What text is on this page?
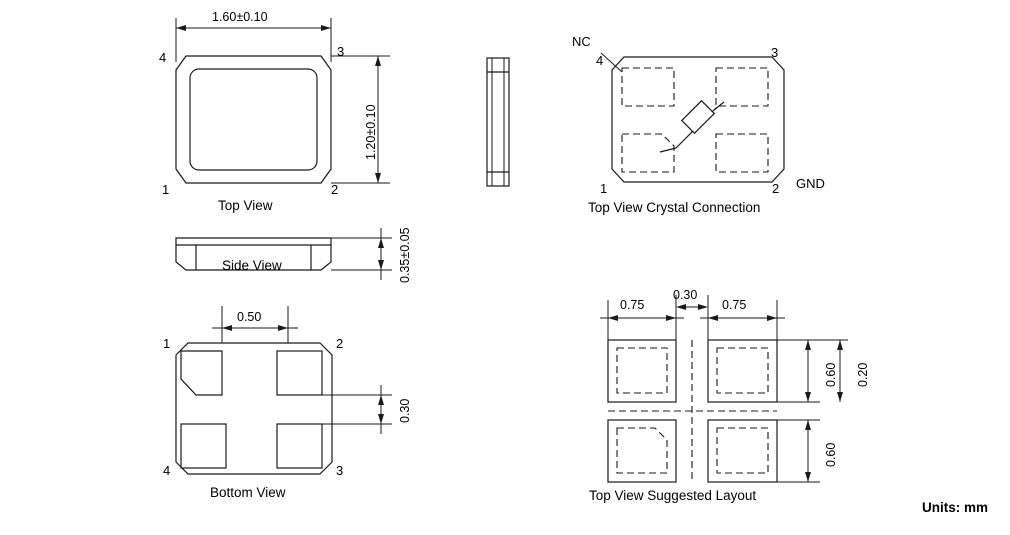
1.60±0.10
1.20±0.10
4	3
1	2
Top View
0.35±0.05
Side View
0.50
0.30
1	2
4	3
Bottom View
NC
GND
4
3
1	2
Top View Crystal Connection
0.75
0.30
0.75
0.60 0.20
0.60
Top View Suggested Layout
Units: mm
